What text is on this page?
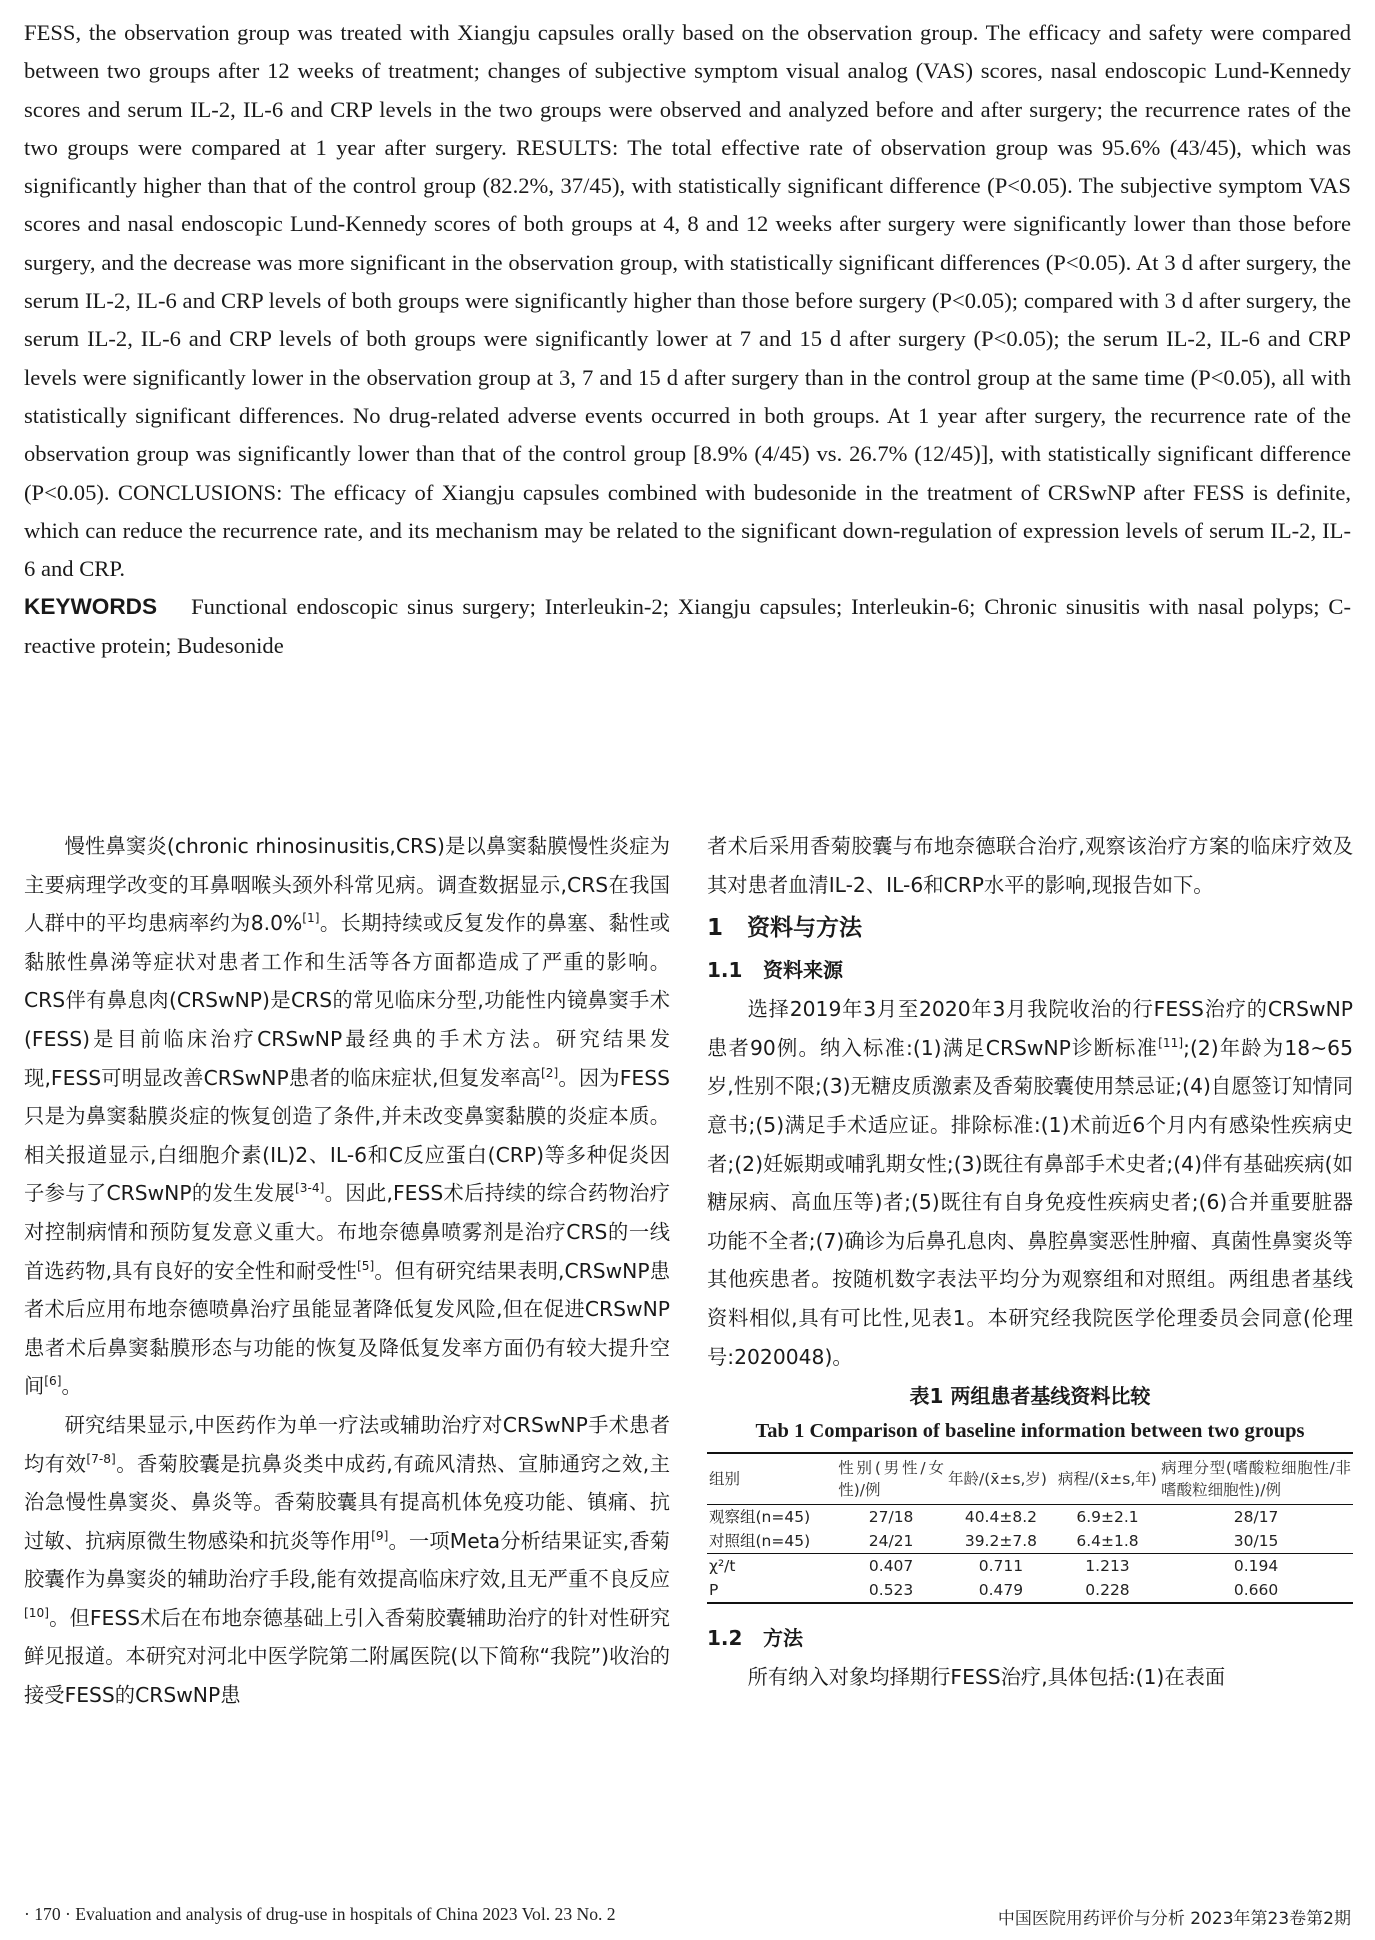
FESS, the observation group was treated with Xiangju capsules orally based on the observation group. The efficacy and safety were compared between two groups after 12 weeks of treatment; changes of subjective symptom visual analog (VAS) scores, nasal endoscopic Lund-Kennedy scores and serum IL-2, IL-6 and CRP levels in the two groups were observed and analyzed before and after surgery; the recurrence rates of the two groups were compared at 1 year after surgery. RESULTS: The total effective rate of observation group was 95.6% (43/45), which was significantly higher than that of the control group (82.2%, 37/45), with statistically significant difference (P<0.05). The subjective symptom VAS scores and nasal endoscopic Lund-Kennedy scores of both groups at 4, 8 and 12 weeks after surgery were significantly lower than those before surgery, and the decrease was more significant in the observation group, with statistically significant differences (P<0.05). At 3 d after surgery, the serum IL-2, IL-6 and CRP levels of both groups were significantly higher than those before surgery (P<0.05); compared with 3 d after surgery, the serum IL-2, IL-6 and CRP levels of both groups were significantly lower at 7 and 15 d after surgery (P<0.05); the serum IL-2, IL-6 and CRP levels were significantly lower in the observation group at 3, 7 and 15 d after surgery than in the control group at the same time (P<0.05), all with statistically significant differences. No drug-related adverse events occurred in both groups. At 1 year after surgery, the recurrence rate of the observation group was significantly lower than that of the control group [8.9% (4/45) vs. 26.7% (12/45)], with statistically significant difference (P<0.05). CONCLUSIONS: The efficacy of Xiangju capsules combined with budesonide in the treatment of CRSwNP after FESS is definite, which can reduce the recurrence rate, and its mechanism may be related to the significant down-regulation of expression levels of serum IL-2, IL-6 and CRP.

KEYWORDS Functional endoscopic sinus surgery; Interleukin-2; Xiangju capsules; Interleukin-6; Chronic sinusitis with nasal polyps; C-reactive protein; Budesonide

慢性鼻窦炎(chronic rhinosinusitis,CRS)是以鼻窦黏膜慢性炎症为主要病理学改变的耳鼻咽喉头颈外科常见病。调查数据显示,CRS在我国人群中的平均患病率约为8.0%[1]。长期持续或反复发作的鼻塞、黏性或黏脓性鼻涕等症状对患者工作和生活等各方面都造成了严重的影响。CRS伴有鼻息肉(CRSwNP)是CRS的常见临床分型,功能性内镜鼻窦手术(FESS)是目前临床治疗CRSwNP最经典的手术方法。研究结果发现,FESS可明显改善CRSwNP患者的临床症状,但复发率高[2]。因为FESS只是为鼻窦黏膜炎症的恢复创造了条件,并未改变鼻窦黏膜的炎症本质。相关报道显示,白细胞介素(IL)2、IL-6和C反应蛋白(CRP)等多种促炎因子参与了CRSwNP的发生发展[3-4]。因此,FESS术后持续的综合药物治疗对控制病情和预防复发意义重大。布地奈德鼻喷雾剂是治疗CRS的一线首选药物,具有良好的安全性和耐受性[5]。但有研究结果表明,CRSwNP患者术后应用布地奈德喷鼻治疗虽能显著降低复发风险,但在促进CRSwNP患者术后鼻窦黏膜形态与功能的恢复及降低复发率方面仍有较大提升空间[6]。

研究结果显示,中医药作为单一疗法或辅助治疗对CRSwNP手术患者均有效[7-8]。香菊胶囊是抗鼻炎类中成药,有疏风清热、宣肺通窍之效,主治急慢性鼻窦炎、鼻炎等。香菊胶囊具有提高机体免疫功能、镇痛、抗过敏、抗病原微生物感染和抗炎等作用[9]。一项Meta分析结果证实,香菊胶囊作为鼻窦炎的辅助治疗手段,能有效提高临床疗效,且无严重不良反应[10]。但FESS术后在布地奈德基础上引入香菊胶囊辅助治疗的针对性研究鲜见报道。本研究对河北中医学院第二附属医院(以下简称“我院”)收治的接受FESS的CRSwNP患

者术后采用香菊胶囊与布地奈德联合治疗,观察该治疗方案的临床疗效及其对患者血清IL-2、IL-6和CRP水平的影响,现报告如下。

1 资料与方法
1.1 资料来源

选择2019年3月至2020年3月我院收治的行FESS治疗的CRSwNP患者90例。纳入标准:(1)满足CRSwNP诊断标准[11];(2)年龄为18~65岁,性别不限;(3)无糖皮质激素及香菊胶囊使用禁忌证;(4)自愿签订知情同意书;(5)满足手术适应证。排除标准:(1)术前近6个月内有感染性疾病史者;(2)妊娠期或哺乳期女性;(3)既往有鼻部手术史者;(4)伴有基础疾病(如糖尿病、高血压等)者;(5)既往有自身免疫性疾病史者;(6)合并重要脏器功能不全者;(7)确诊为后鼻孔息肉、鼻腔鼻窦恶性肿瘤、真菌性鼻窦炎等其他疾患者。按随机数字表法平均分为观察组和对照组。两组患者基线资料相似,具有可比性,见表1。本研究经我院医学伦理委员会同意(伦理号:2020048)。

表1 两组患者基线资料比较
Tab 1 Comparison of baseline information between two groups
组别	性别(男性/女性)/例	年龄/(x̄±s,岁)	病程/(x̄±s,年)	病理分型(嗜酸粒细胞性/非嗜酸粒细胞性)/例
观察组(n=45)	27/18	40.4±8.2	6.9±2.1	28/17
对照组(n=45)	24/21	39.2±7.8	6.4±1.8	30/15
χ²/t	0.407	0.711	1.213	0.194
P	0.523	0.479	0.228	0.660
1.2 方法

所有纳入对象均择期行FESS治疗,具体包括:(1)在表面

· 170 · Evaluation and analysis of drug-use in hospitals of China 2023 Vol. 23 No. 2	中国医院用药评价与分析 2023年第23卷第2期
